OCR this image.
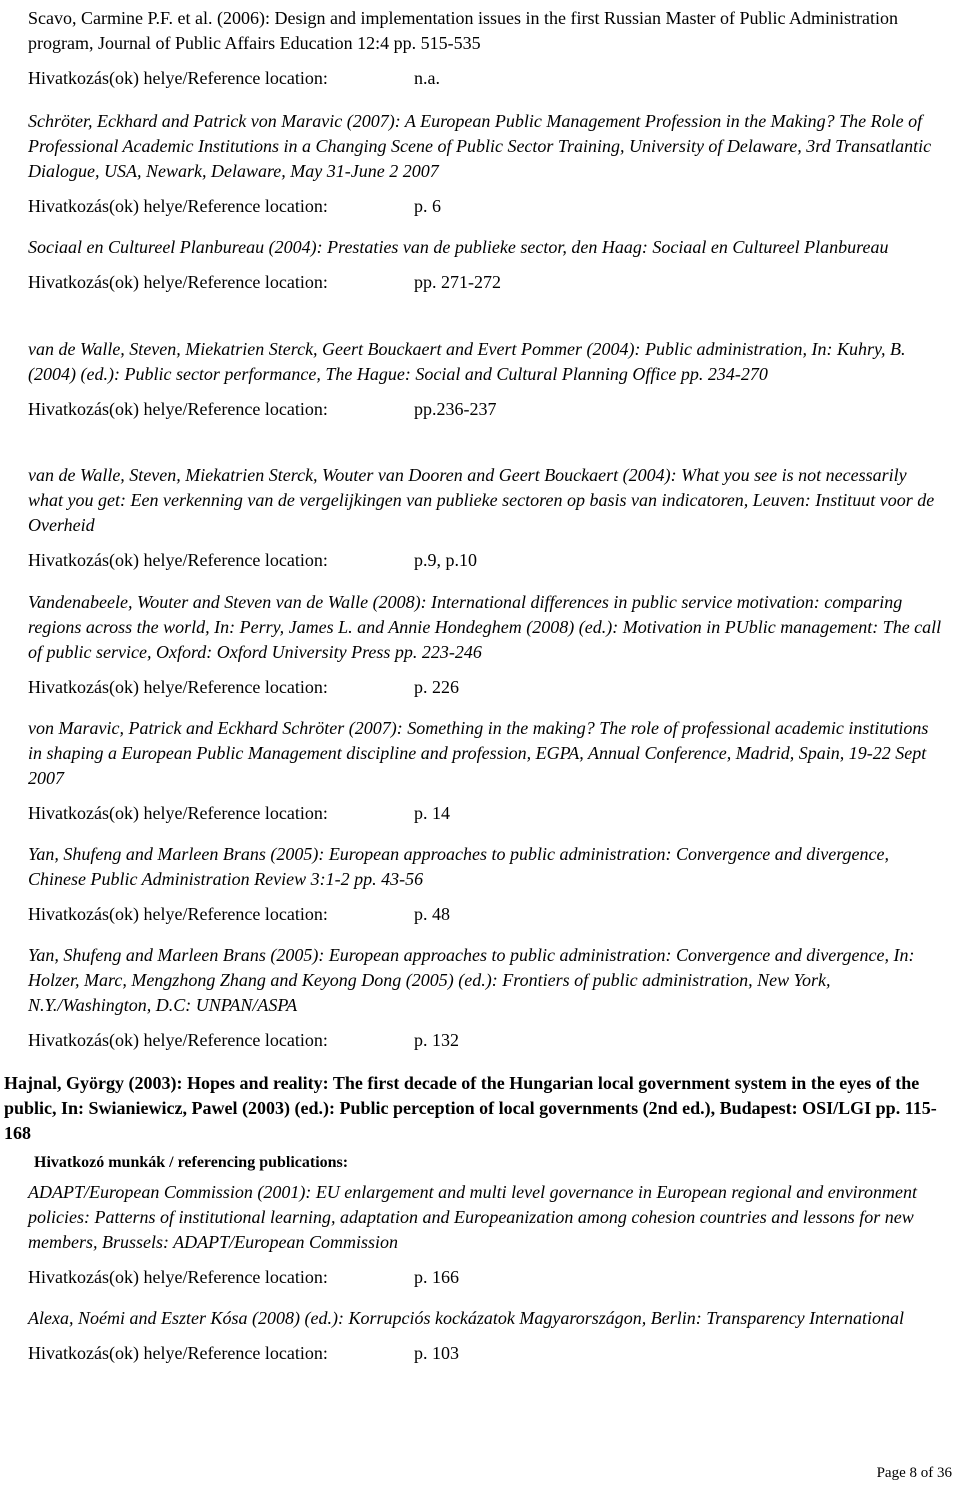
Scavo, Carmine P.F. et al. (2006): Design and implementation issues in the first Russian Master of Public Administration program, Journal of Public Affairs Education 12:4 pp. 515-535
Hivatkozás(ok) helye/Reference location:	n.a.
Schröter, Eckhard and Patrick von Maravic (2007): A European Public Management Profession in the Making? The Role of Professional Academic Institutions in a Changing Scene of Public Sector Training, University of Delaware, 3rd Transatlantic Dialogue, USA, Newark, Delaware, May 31-June 2 2007
Hivatkozás(ok) helye/Reference location:	p. 6
Sociaal en Cultureel Planbureau (2004): Prestaties van de publieke sector, den Haag: Sociaal en Cultureel Planbureau
Hivatkozás(ok) helye/Reference location:	pp. 271-272
van de Walle, Steven, Miekatrien Sterck, Geert Bouckaert and Evert Pommer (2004): Public administration, In: Kuhry, B. (2004) (ed.): Public sector performance, The Hague: Social and Cultural Planning Office pp. 234-270
Hivatkozás(ok) helye/Reference location:	pp.236-237
van de Walle, Steven, Miekatrien Sterck, Wouter van Dooren and Geert Bouckaert (2004): What you see is not necessarily what you get: Een verkenning van de vergelijkingen van publieke sectoren op basis van indicatoren, Leuven: Instituut voor de Overheid
Hivatkozás(ok) helye/Reference location:	p.9, p.10
Vandenabeele, Wouter and Steven van de Walle (2008): International differences in public service motivation: comparing regions across the world, In: Perry, James L. and Annie Hondeghem (2008) (ed.): Motivation in PUblic management: The call of public service, Oxford: Oxford University Press pp. 223-246
Hivatkozás(ok) helye/Reference location:	p. 226
von Maravic, Patrick and Eckhard Schröter (2007): Something in the making? The role of professional academic institutions in shaping a European Public Management discipline and profession, EGPA, Annual Conference, Madrid, Spain, 19-22 Sept 2007
Hivatkozás(ok) helye/Reference location:	p. 14
Yan, Shufeng and Marleen Brans (2005): European approaches to public administration: Convergence and divergence, Chinese Public Administration Review 3:1-2 pp. 43-56
Hivatkozás(ok) helye/Reference location:	p. 48
Yan, Shufeng and Marleen Brans (2005): European approaches to public administration: Convergence and divergence, In: Holzer, Marc, Mengzhong Zhang and Keyong Dong (2005) (ed.): Frontiers of public administration, New York, N.Y./Washington, D.C: UNPAN/ASPA
Hivatkozás(ok) helye/Reference location:	p. 132
Hajnal, György (2003): Hopes and reality: The first decade of the Hungarian local government system in the eyes of the public, In: Swianiewicz, Pawel (2003) (ed.): Public perception of local governments (2nd ed.), Budapest: OSI/LGI pp. 115-168
Hivatkozó munkák / referencing publications:
ADAPT/European Commission (2001): EU enlargement and multi level governance in European regional and environment policies: Patterns of institutional learning, adaptation and Europeanization among cohesion countries and lessons for new members, Brussels: ADAPT/European Commission
Hivatkozás(ok) helye/Reference location:	p. 166
Alexa, Noémi and Eszter Kósa (2008) (ed.): Korrupciós kockázatok Magyarországon, Berlin: Transparency International
Hivatkozás(ok) helye/Reference location:	p. 103
Page 8 of 36
